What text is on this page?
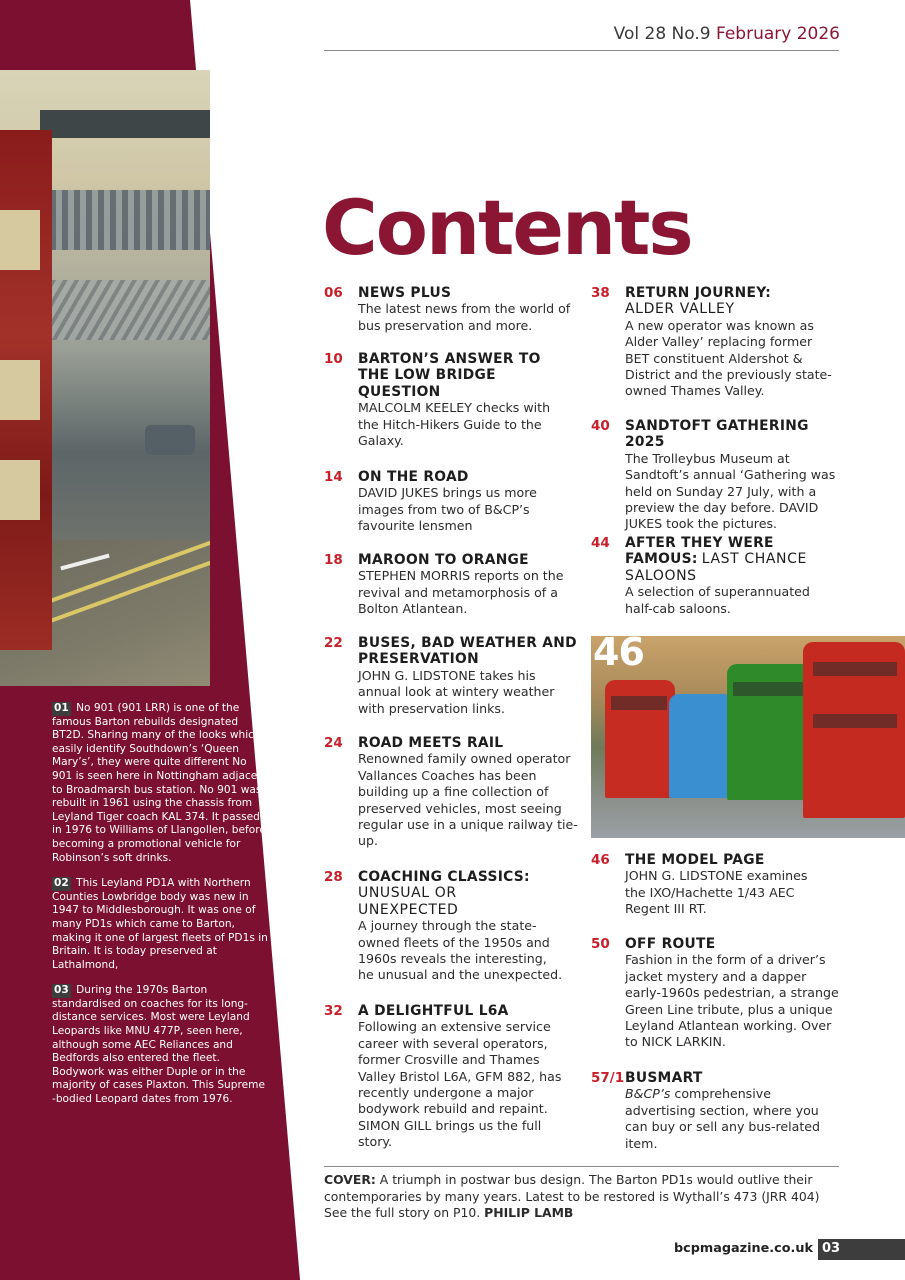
01 No 901 (901 LRR) is one of the famous Barton rebuilds designated BT2D. Sharing many of the looks which easily identify Southdown’s ‘Queen Mary’s’, they were quite different No 901 is seen here in Nottingham adjacent to Broadmarsh bus station. No 901 was rebuilt in 1961 using the chassis from Leyland Tiger coach KAL 374. It passed in 1976 to Williams of Llangollen, before becoming a promotional vehicle for Robinson’s soft drinks.

02 This Leyland PD1A with Northern Counties Lowbridge body was new in 1947 to Middlesborough. It was one of many PD1s which came to Barton, making it one of largest fleets of PD1s in Britain. It is today preserved at Lathalmond,

03 During the 1970s Barton standardised on coaches for its long-distance services. Most were Leyland Leopards like MNU 477P, seen here, although some AEC Reliances and Bedfords also entered the fleet. Bodywork was either Duple or in the majority of cases Plaxton. This Supreme -bodied Leopard dates from 1976.

Vol 28 No.9 February 2026
Contents
06 NEWS PLUS
The latest news from the world of bus preservation and more.
10 BARTON’S ANSWER TO THE LOW BRIDGE QUESTION
MALCOLM KEELEY checks with the Hitch-Hikers Guide to the Galaxy.
14 ON THE ROAD
DAVID JUKES brings us more images from two of B&CP’s favourite lensmen
18 MAROON TO ORANGE
STEPHEN MORRIS reports on the revival and metamorphosis of a Bolton Atlantean.
22 BUSES, BAD WEATHER AND PRESERVATION
JOHN G. LIDSTONE takes his annual look at wintery weather with preservation links.
24 ROAD MEETS RAIL
Renowned family owned operator Vallances Coaches has been building up a fine collection of preserved vehicles, most seeing regular use in a unique railway tie-up.
28 COACHING CLASSICS:
UNUSUAL OR UNEXPECTED
A journey through the state-owned fleets of the 1950s and 1960s reveals the interesting, he unusual and the unexpected.
32 A DELIGHTFUL L6A
Following an extensive service career with several operators, former Crosville and Thames Valley Bristol L6A, GFM 882, has recently undergone a major bodywork rebuild and repaint. SIMON GILL brings us the full story.
38 RETURN JOURNEY:
ALDER VALLEY
A new operator was known as Alder Valley’ replacing former BET constituent Aldershot & District and the previously state-owned Thames Valley.
40 SANDTOFT GATHERING 2025
The Trolleybus Museum at Sandtoft’s annual ‘Gathering was held on Sunday 27 July, with a preview the day before. DAVID JUKES took the pictures.
44 AFTER THEY WERE FAMOUS: LAST CHANCE SALOONS
A selection of superannuated half-cab saloons.
46
46 THE MODEL PAGE
JOHN G. LIDSTONE examines the IXO/Hachette 1/43 AEC Regent III RT.
50 OFF ROUTE
Fashion in the form of a driver’s jacket mystery and a dapper early-1960s pedestrian, a strange Green Line tribute, plus a unique Leyland Atlantean working. Over to NICK LARKIN.
57/1 BUSMART
B&CP’s comprehensive advertising section, where you can buy or sell any bus-related item.
COVER: A triumph in postwar bus design. The Barton PD1s would outlive their contemporaries by many years. Latest to be restored is Wythall’s 473 (JRR 404) See the full story on P10. PHILIP LAMB
bcpmagazine.co.uk 03
